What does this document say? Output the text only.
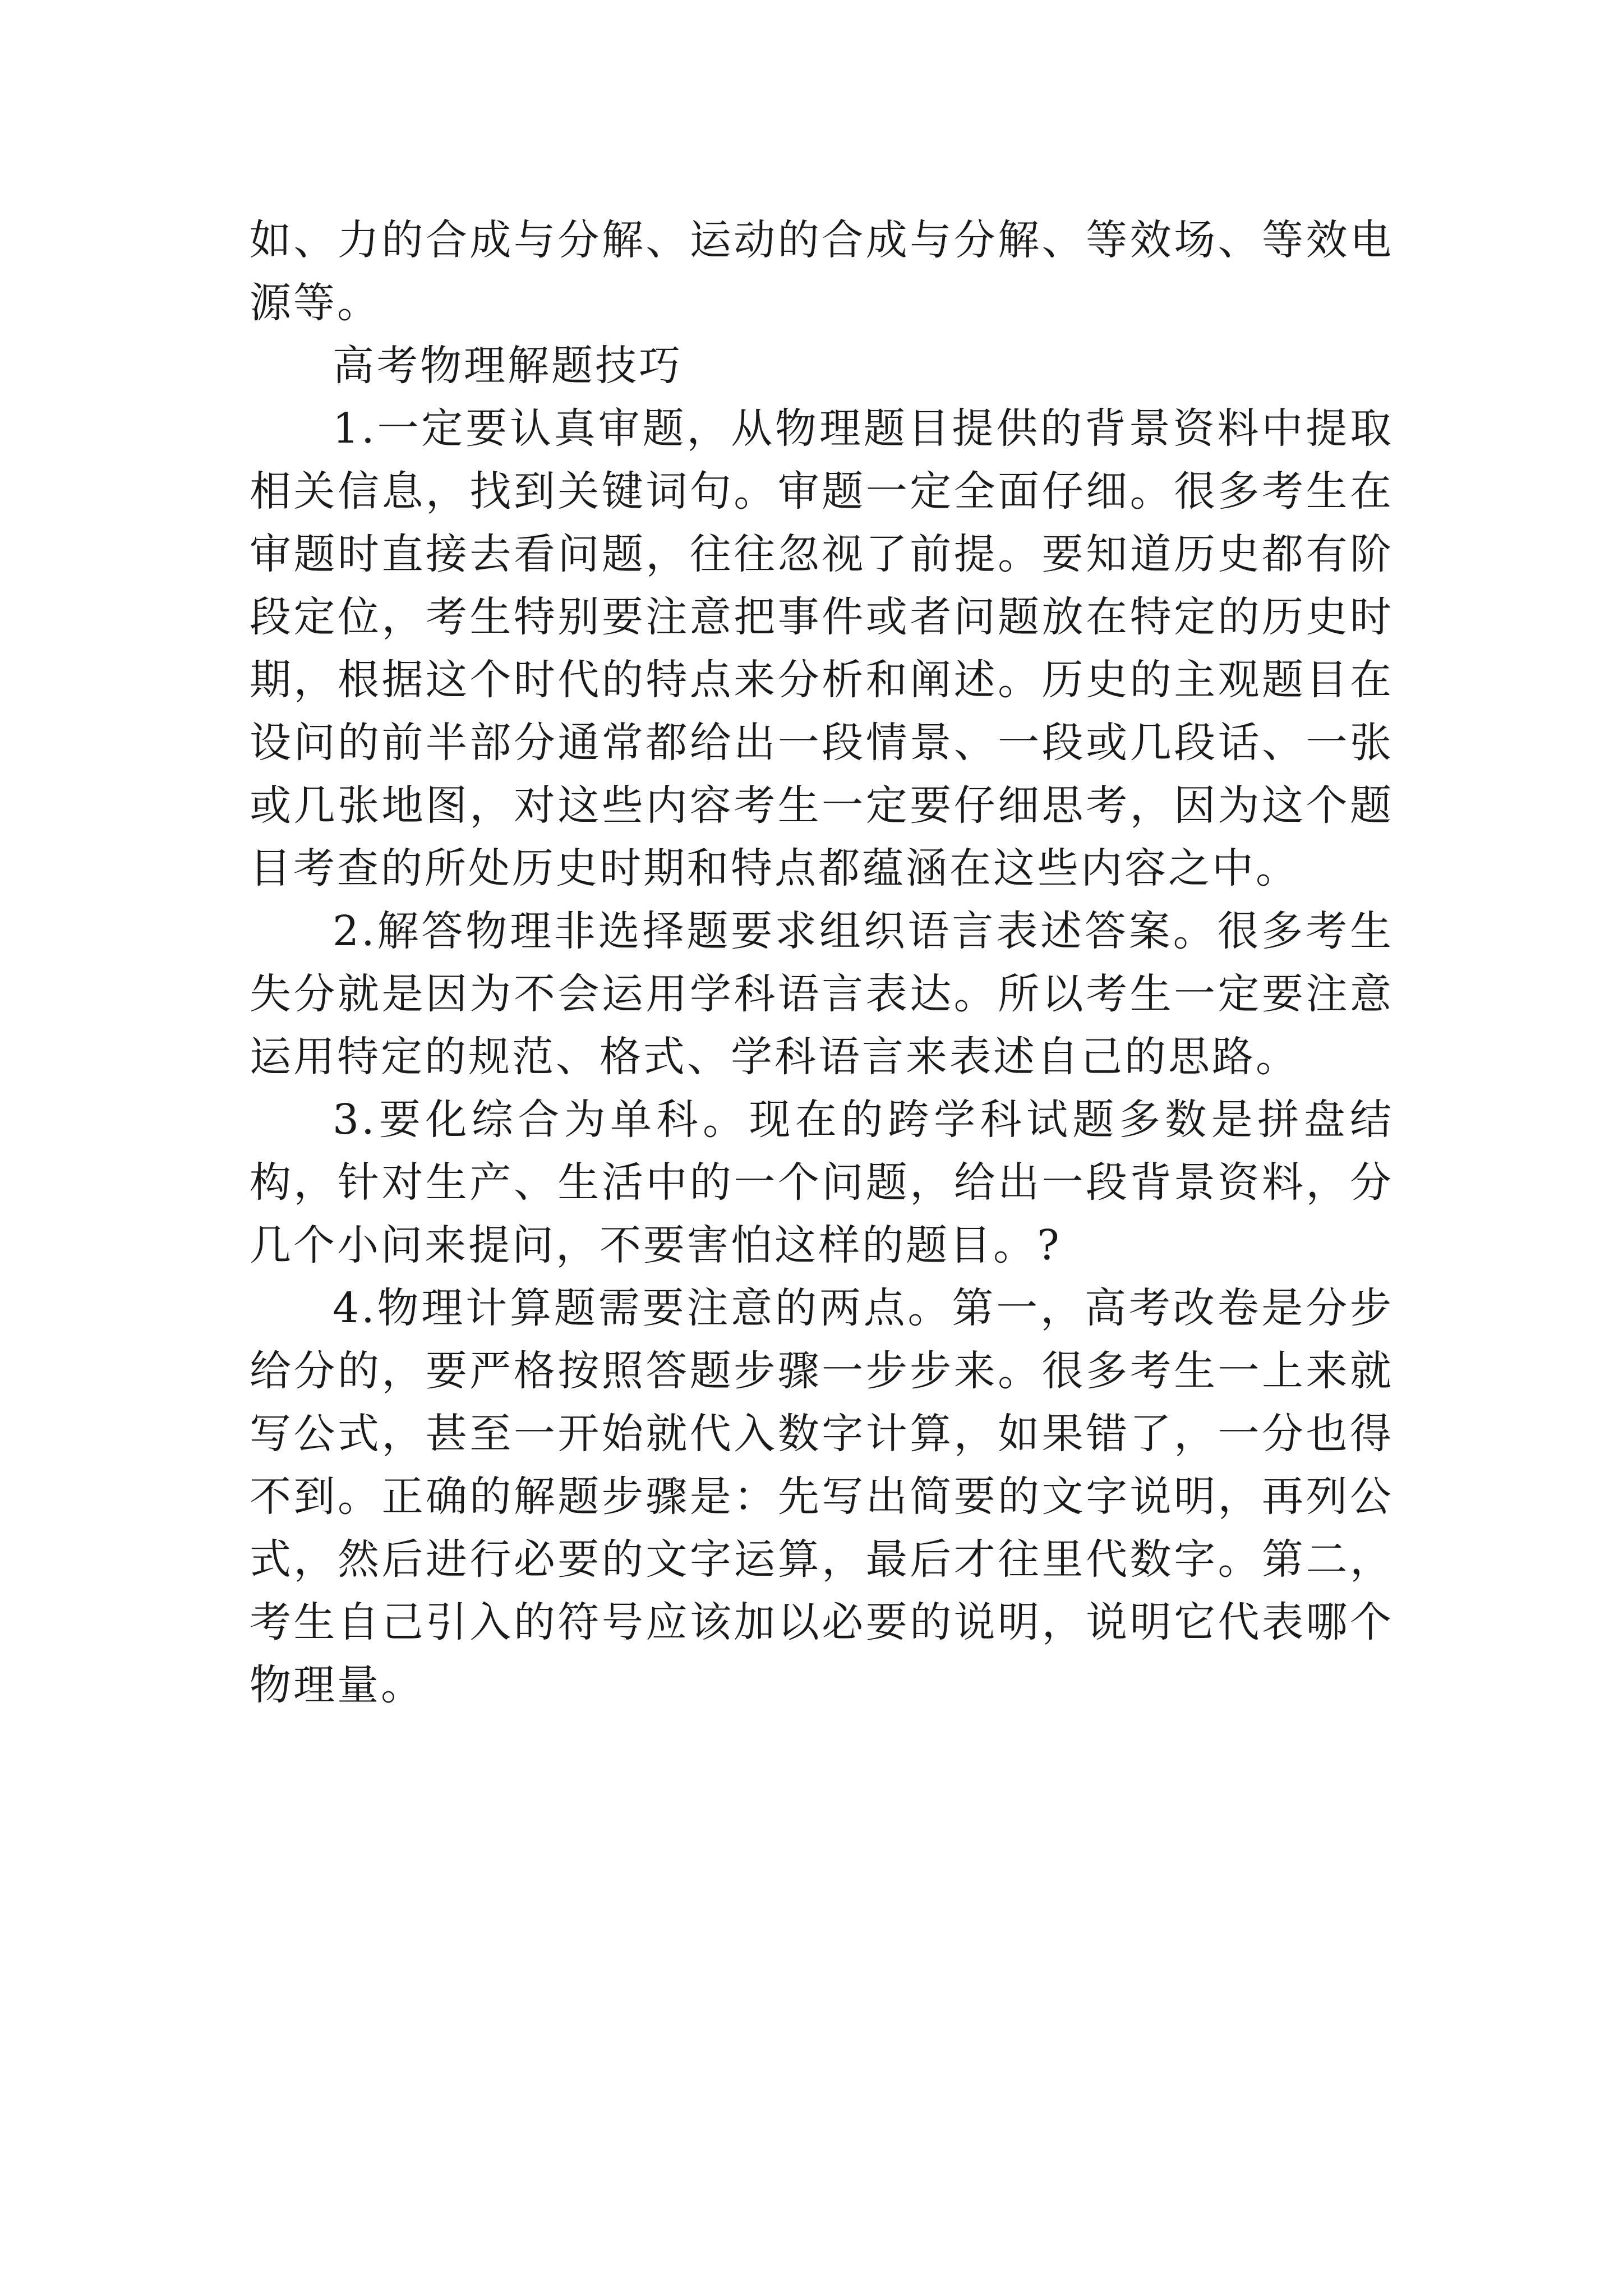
如、力的合成与分解、运动的合成与分解、等效场、等效电源等。

高考物理解题技巧

1.一定要认真审题，从物理题目提供的背景资料中提取相关信息，找到关键词句。审题一定全面仔细。很多考生在审题时直接去看问题，往往忽视了前提。要知道历史都有阶段定位，考生特别要注意把事件或者问题放在特定的历史时期，根据这个时代的特点来分析和阐述。历史的主观题目在设问的前半部分通常都给出一段情景、一段或几段话、一张或几张地图，对这些内容考生一定要仔细思考，因为这个题目考查的所处历史时期和特点都蕴涵在这些内容之中。

2.解答物理非选择题要求组织语言表述答案。很多考生失分就是因为不会运用学科语言表达。所以考生一定要注意运用特定的规范、格式、学科语言来表述自己的思路。

3.要化综合为单科。现在的跨学科试题多数是拼盘结构，针对生产、生活中的一个问题，给出一段背景资料，分几个小问来提问，不要害怕这样的题目。?

4.物理计算题需要注意的两点。第一，高考改卷是分步给分的，要严格按照答题步骤一步步来。很多考生一上来就写公式，甚至一开始就代入数字计算，如果错了，一分也得不到。正确的解题步骤是：先写出简要的文字说明，再列公式，然后进行必要的文字运算，最后才往里代数字。第二，考生自己引入的符号应该加以必要的说明，说明它代表哪个物理量。
